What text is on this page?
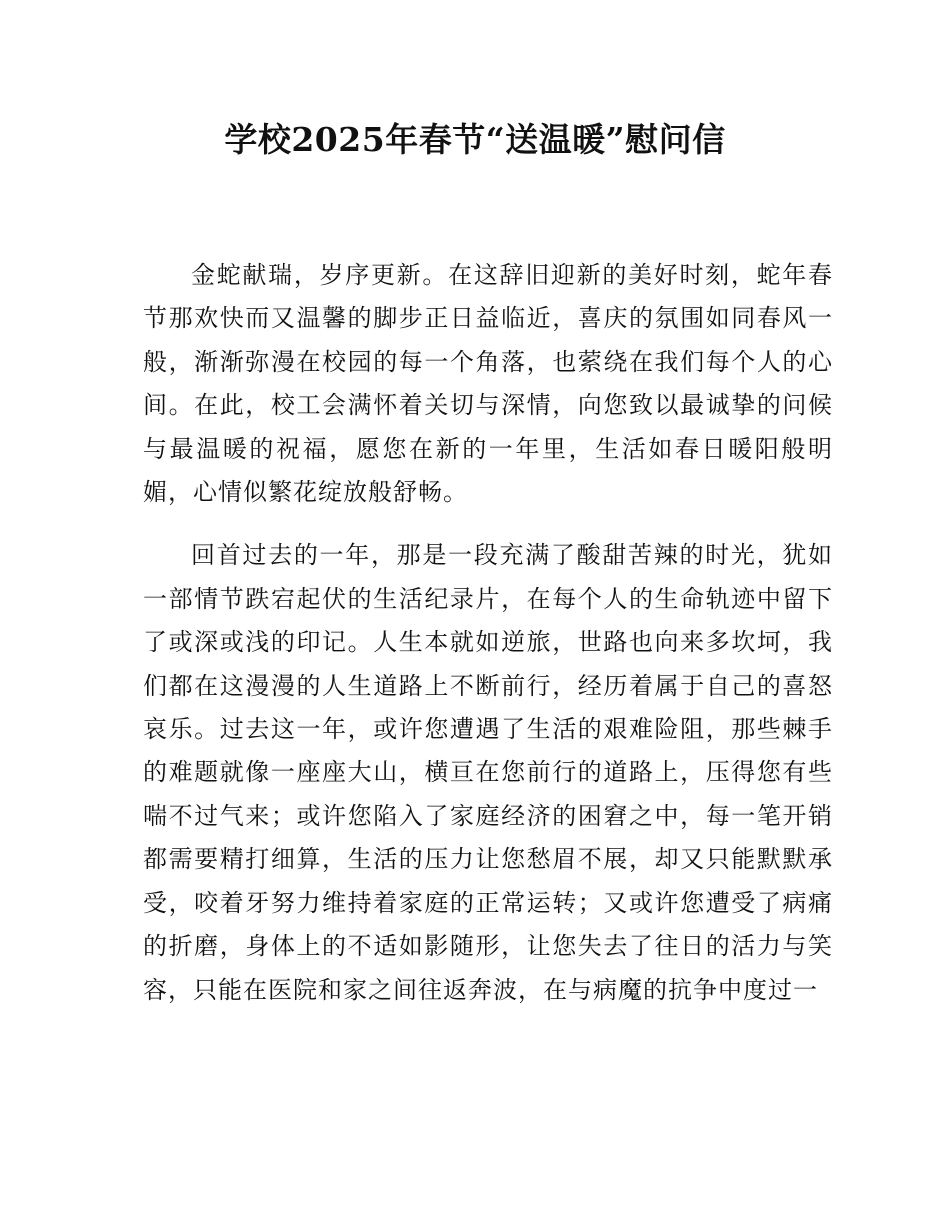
学校2025年春节“送温暖”慰问信

金蛇献瑞，岁序更新。在这辞旧迎新的美好时刻，蛇年春节那欢快而又温馨的脚步正日益临近，喜庆的氛围如同春风一般，渐渐弥漫在校园的每一个角落，也萦绕在我们每个人的心间。在此，校工会满怀着关切与深情，向您致以最诚挚的问候与最温暖的祝福，愿您在新的一年里，生活如春日暖阳般明媚，心情似繁花绽放般舒畅。

回首过去的一年，那是一段充满了酸甜苦辣的时光，犹如一部情节跌宕起伏的生活纪录片，在每个人的生命轨迹中留下了或深或浅的印记。人生本就如逆旅，世路也向来多坎坷，我们都在这漫漫的人生道路上不断前行，经历着属于自己的喜怒哀乐。过去这一年，或许您遭遇了生活的艰难险阻，那些棘手的难题就像一座座大山，横亘在您前行的道路上，压得您有些喘不过气来；或许您陷入了家庭经济的困窘之中，每一笔开销都需要精打细算，生活的压力让您愁眉不展，却又只能默默承受，咬着牙努力维持着家庭的正常运转；又或许您遭受了病痛的折磨，身体上的不适如影随形，让您失去了往日的活力与笑容，只能在医院和家之间往返奔波，在与病魔的抗争中度过一
